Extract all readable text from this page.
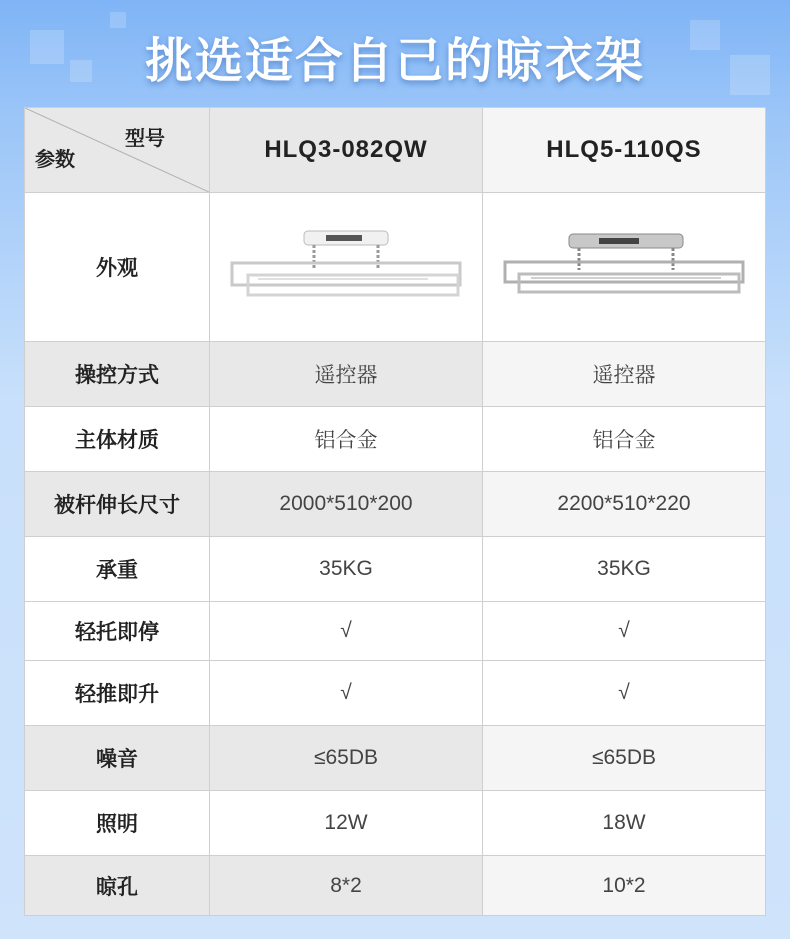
挑选适合自己的晾衣架
型号
参数	HLQ3-082QW	HLQ5-110QS
外观	

操控方式	遥控器	遥控器
主体材质	铝合金	铝合金
被杆伸长尺寸	2000*510*200	2200*510*220
承重	35KG	35KG
轻托即停	√	√
轻推即升	√	√
噪音	≤65DB	≤65DB
照明	12W	18W
晾孔	8*2	10*2
